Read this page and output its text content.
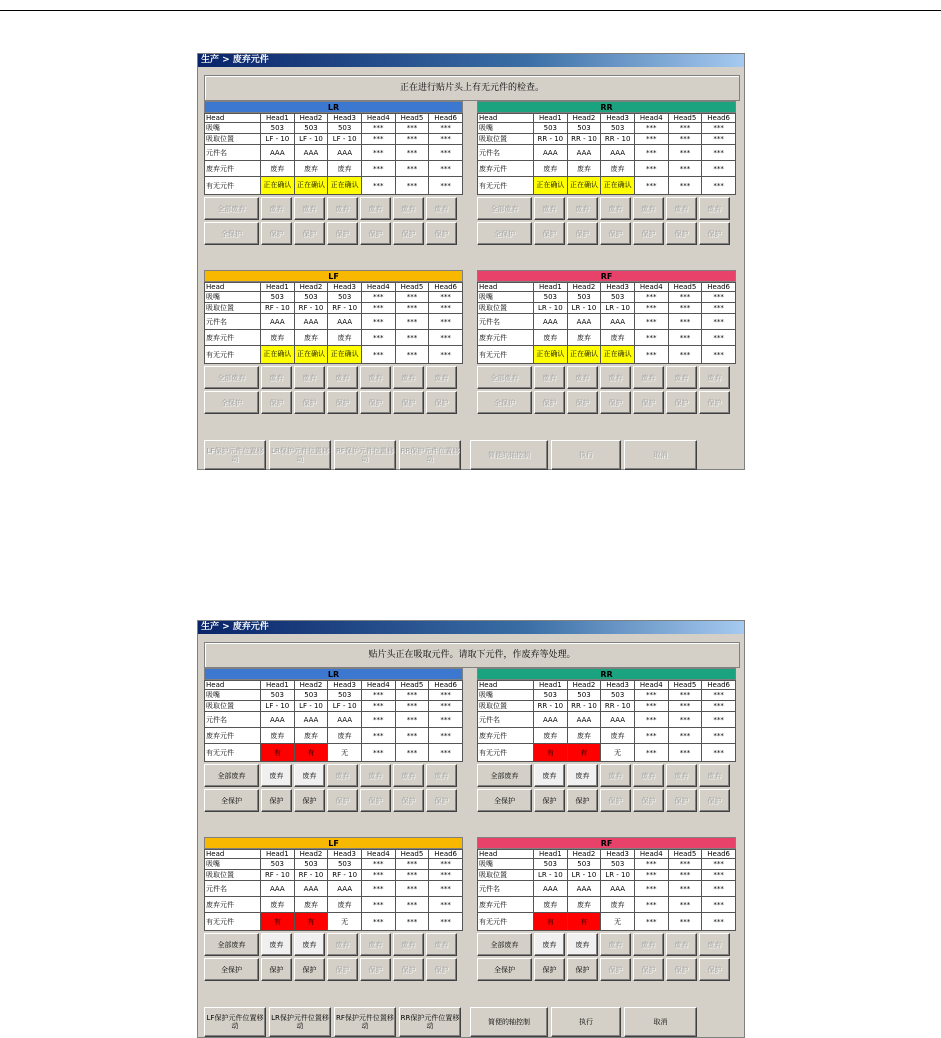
生产 > 废弃元件
正在进行贴片头上有无元件的检查。
LR
Head	Head1	Head2	Head3	Head4	Head5	Head6
吸嘴	503	503	503	***	***	***
吸取位置	LF - 10	LF - 10	LF - 10	***	***	***
元件名	AAA	AAA	AAA	***	***	***
废弃元件	废弃	废弃	废弃	***	***	***
有无元件	正在确认	正在确认	正在确认	***	***	***
全部废弃	废弃	废弃	废弃	废弃	废弃	废弃
全保护	保护	保护	保护	保护	保护	保护
RR
Head	Head1	Head2	Head3	Head4	Head5	Head6
吸嘴	503	503	503	***	***	***
吸取位置	RR - 10	RR - 10	RR - 10	***	***	***
元件名	AAA	AAA	AAA	***	***	***
废弃元件	废弃	废弃	废弃	***	***	***
有无元件	正在确认	正在确认	正在确认	***	***	***
全部废弃	废弃	废弃	废弃	废弃	废弃	废弃
全保护	保护	保护	保护	保护	保护	保护
LF
Head	Head1	Head2	Head3	Head4	Head5	Head6
吸嘴	503	503	503	***	***	***
吸取位置	RF - 10	RF - 10	RF - 10	***	***	***
元件名	AAA	AAA	AAA	***	***	***
废弃元件	废弃	废弃	废弃	***	***	***
有无元件	正在确认	正在确认	正在确认	***	***	***
全部废弃	废弃	废弃	废弃	废弃	废弃	废弃
全保护	保护	保护	保护	保护	保护	保护
RF
Head	Head1	Head2	Head3	Head4	Head5	Head6
吸嘴	503	503	503	***	***	***
吸取位置	LR - 10	LR - 10	LR - 10	***	***	***
元件名	AAA	AAA	AAA	***	***	***
废弃元件	废弃	废弃	废弃	***	***	***
有无元件	正在确认	正在确认	正在确认	***	***	***
全部废弃	废弃	废弃	废弃	废弃	废弃	废弃
全保护	保护	保护	保护	保护	保护	保护
LF保护元件位置移动
LR保护元件位置移动
RF保护元件位置移动
RR保护元件位置移动	简便的轴控制	执行	取消
生产 > 废弃元件
贴片头正在吸取元件。请取下元件，作废弃等处理。
LR
Head	Head1	Head2	Head3	Head4	Head5	Head6
吸嘴	503	503	503	***	***	***
吸取位置	LF - 10	LF - 10	LF - 10	***	***	***
元件名	AAA	AAA	AAA	***	***	***
废弃元件	废弃	废弃	废弃	***	***	***
有无元件	有	有	无	***	***	***
全部废弃	废弃	废弃	废弃	废弃	废弃	废弃
全保护	保护	保护	保护	保护	保护	保护
RR
Head	Head1	Head2	Head3	Head4	Head5	Head6
吸嘴	503	503	503	***	***	***
吸取位置	RR - 10	RR - 10	RR - 10	***	***	***
元件名	AAA	AAA	AAA	***	***	***
废弃元件	废弃	废弃	废弃	***	***	***
有无元件	有	有	无	***	***	***
全部废弃	废弃	废弃	废弃	废弃	废弃	废弃
全保护	保护	保护	保护	保护	保护	保护
LF
Head	Head1	Head2	Head3	Head4	Head5	Head6
吸嘴	503	503	503	***	***	***
吸取位置	RF - 10	RF - 10	RF - 10	***	***	***
元件名	AAA	AAA	AAA	***	***	***
废弃元件	废弃	废弃	废弃	***	***	***
有无元件	有	有	无	***	***	***
全部废弃	废弃	废弃	废弃	废弃	废弃	废弃
全保护	保护	保护	保护	保护	保护	保护
RF
Head	Head1	Head2	Head3	Head4	Head5	Head6
吸嘴	503	503	503	***	***	***
吸取位置	LR - 10	LR - 10	LR - 10	***	***	***
元件名	AAA	AAA	AAA	***	***	***
废弃元件	废弃	废弃	废弃	***	***	***
有无元件	有	有	无	***	***	***
全部废弃	废弃	废弃	废弃	废弃	废弃	废弃
全保护	保护	保护	保护	保护	保护	保护
LF保护元件位置移动
LR保护元件位置移动
RF保护元件位置移动
RR保护元件位置移动	简便的轴控制	执行	取消
